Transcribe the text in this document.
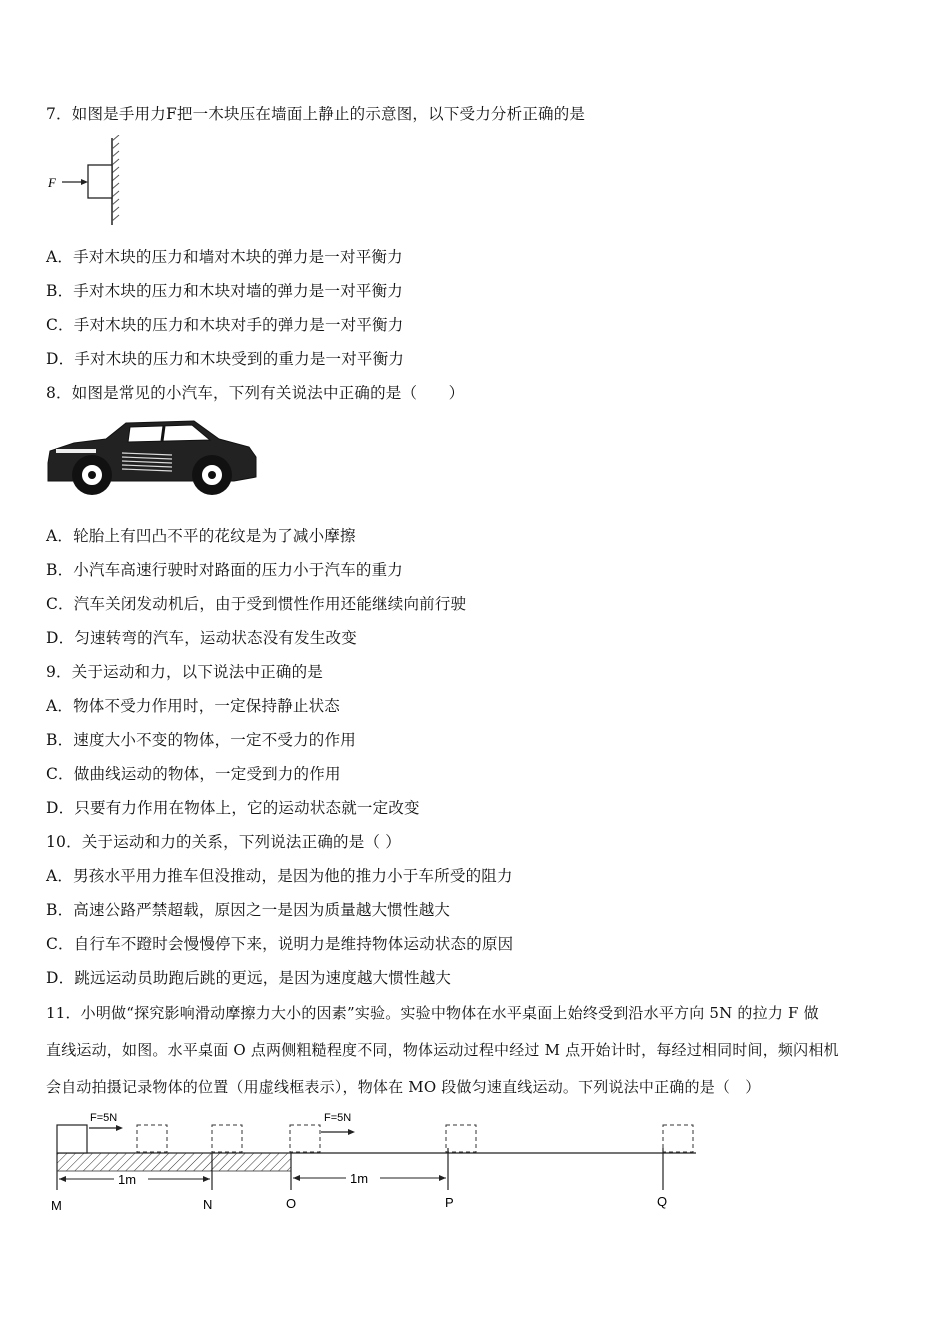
7．如图是手用力F把一木块压在墙面上静止的示意图，以下受力分析正确的是
F
A．手对木块的压力和墙对木块的弹力是一对平衡力
B．手对木块的压力和木块对墙的弹力是一对平衡力
C．手对木块的压力和木块对手的弹力是一对平衡力
D．手对木块的压力和木块受到的重力是一对平衡力
8．如图是常见的小汽车，下列有关说法中正确的是（　　）
A．轮胎上有凹凸不平的花纹是为了减小摩擦
B．小汽车高速行驶时对路面的压力小于汽车的重力
C．汽车关闭发动机后，由于受到惯性作用还能继续向前行驶
D．匀速转弯的汽车，运动状态没有发生改变
9．关于运动和力，以下说法中正确的是
A．物体不受力作用时，一定保持静止状态
B．速度大小不变的物体，一定不受力的作用
C．做曲线运动的物体，一定受到力的作用
D．只要有力作用在物体上，它的运动状态就一定改变
10．关于运动和力的关系，下列说法正确的是（ ）
A．男孩水平用力推车但没推动，是因为他的推力小于车所受的阻力
B．高速公路严禁超载，原因之一是因为质量越大惯性越大
C．自行车不蹬时会慢慢停下来，说明力是维持物体运动状态的原因
D．跳远运动员助跑后跳的更远，是因为速度越大惯性越大
11．小明做“探究影响滑动摩擦力大小的因素”实验。实验中物体在水平桌面上始终受到沿水平方向 5N 的拉力 F 做
直线运动，如图。水平桌面 O 点两侧粗糙程度不同，物体运动过程中经过 M 点开始计时，每经过相同时间，频闪相机
会自动拍摄记录物体的位置（用虚线框表示），物体在 MO 段做匀速直线运动。下列说法中正确的是（　）
F=5N	F=5N
1m	1m
M	N	O	P	Q
